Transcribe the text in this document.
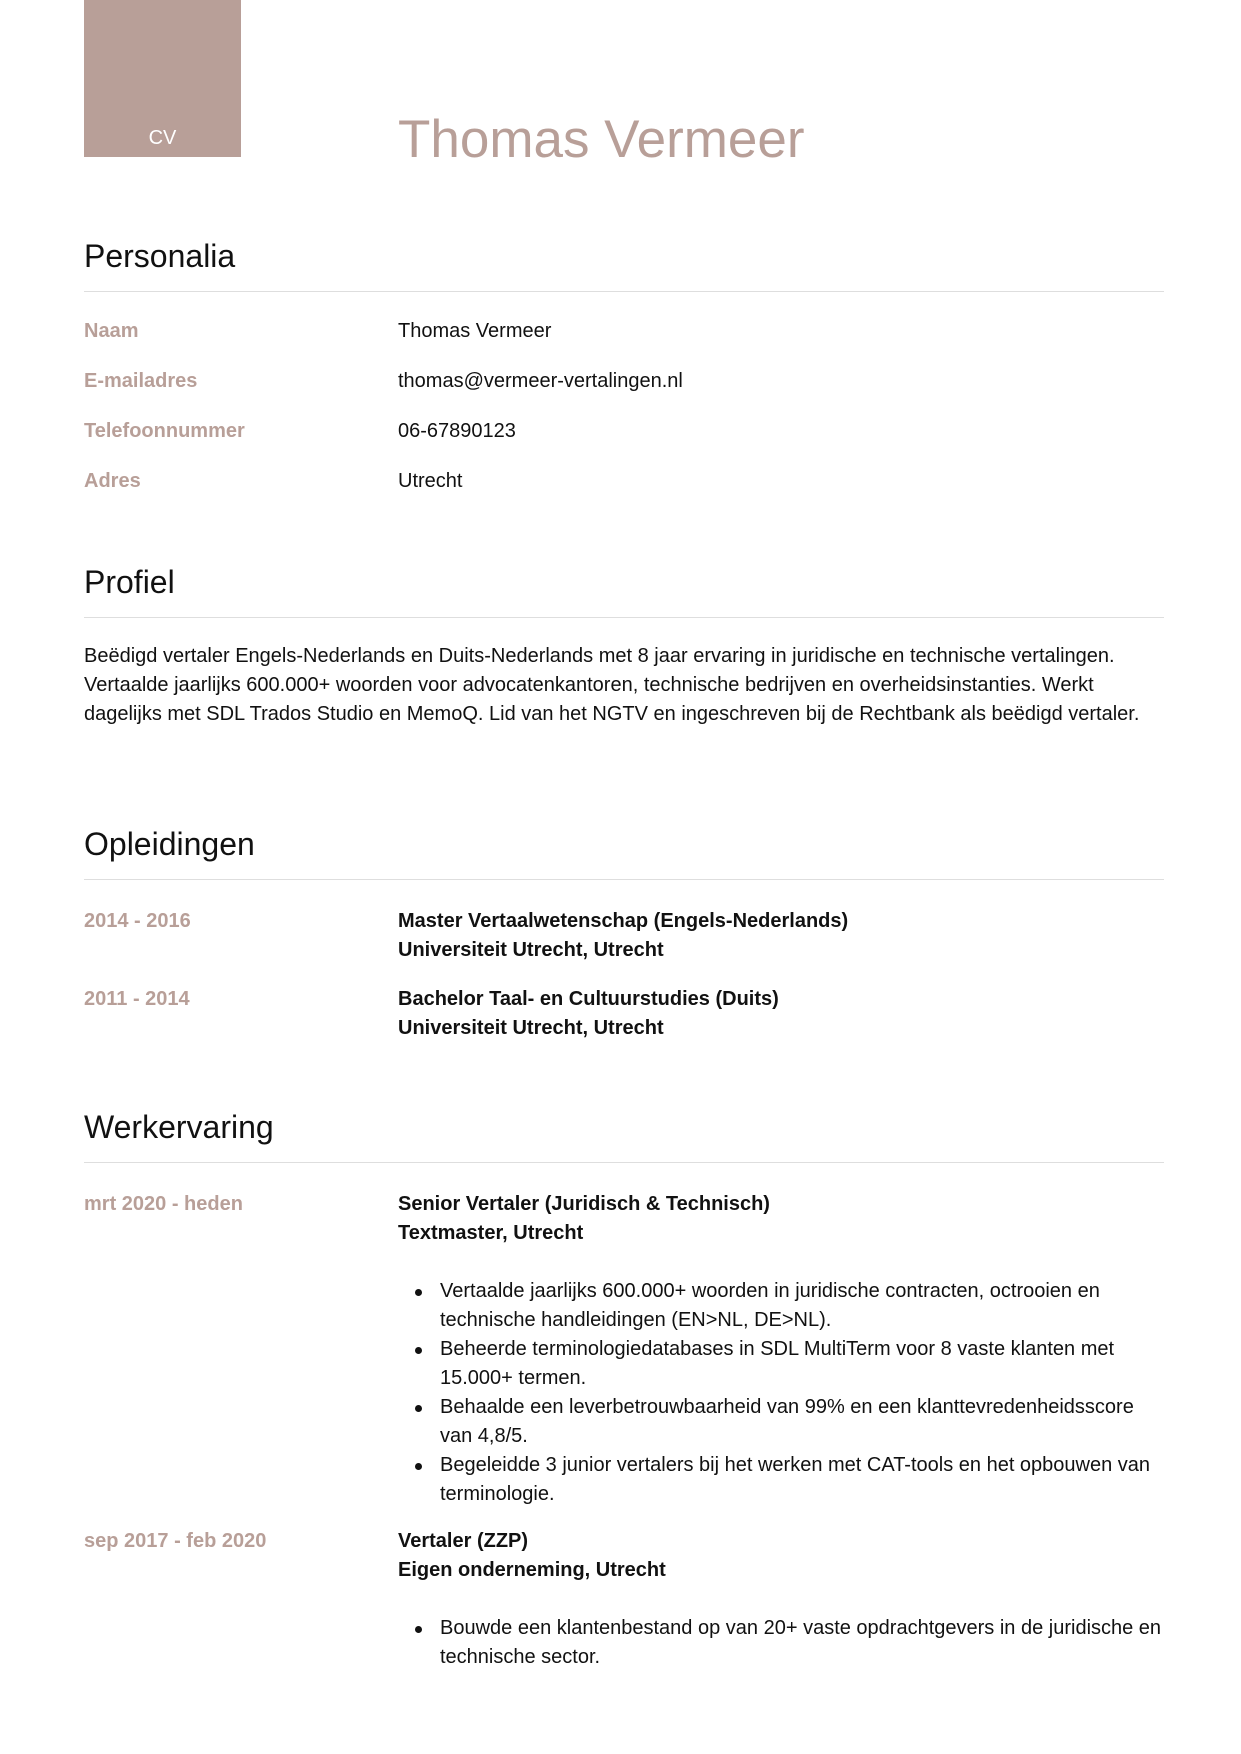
CV	Thomas Vermeer
Personalia
Naam	Thomas Vermeer
E-mailadres	thomas@vermeer-vertalingen.nl
Telefoonnummer	06-67890123
Adres	Utrecht
Profiel
Beëdigd vertaler Engels-Nederlands en Duits-Nederlands met 8 jaar ervaring in juridische en technische vertalingen. Vertaalde jaarlijks 600.000+ woorden voor advocatenkantoren, technische bedrijven en overheidsinstanties. Werkt dagelijks met SDL Trados Studio en MemoQ. Lid van het NGTV en ingeschreven bij de Rechtbank als beëdigd vertaler.
Opleidingen
2014 - 2016	Master Vertaalwetenschap (Engels-Nederlands)
Universiteit Utrecht, Utrecht
2011 - 2014	Bachelor Taal- en Cultuurstudies (Duits)
Universiteit Utrecht, Utrecht
Werkervaring
mrt 2020 - heden	Senior Vertaler (Juridisch & Technisch)
Textmaster, Utrecht
Vertaalde jaarlijks 600.000+ woorden in juridische contracten, octrooien en technische handleidingen (EN>NL, DE>NL).
Beheerde terminologiedatabases in SDL MultiTerm voor 8 vaste klanten met 15.000+ termen.
Behaalde een leverbetrouwbaarheid van 99% en een klanttevredenheidsscore van 4,8/5.
Begeleidde 3 junior vertalers bij het werken met CAT-tools en het opbouwen van terminologie.
sep 2017 - feb 2020	Vertaler (ZZP)
Eigen onderneming, Utrecht
Bouwde een klantenbestand op van 20+ vaste opdrachtgevers in de juridische en technische sector.
